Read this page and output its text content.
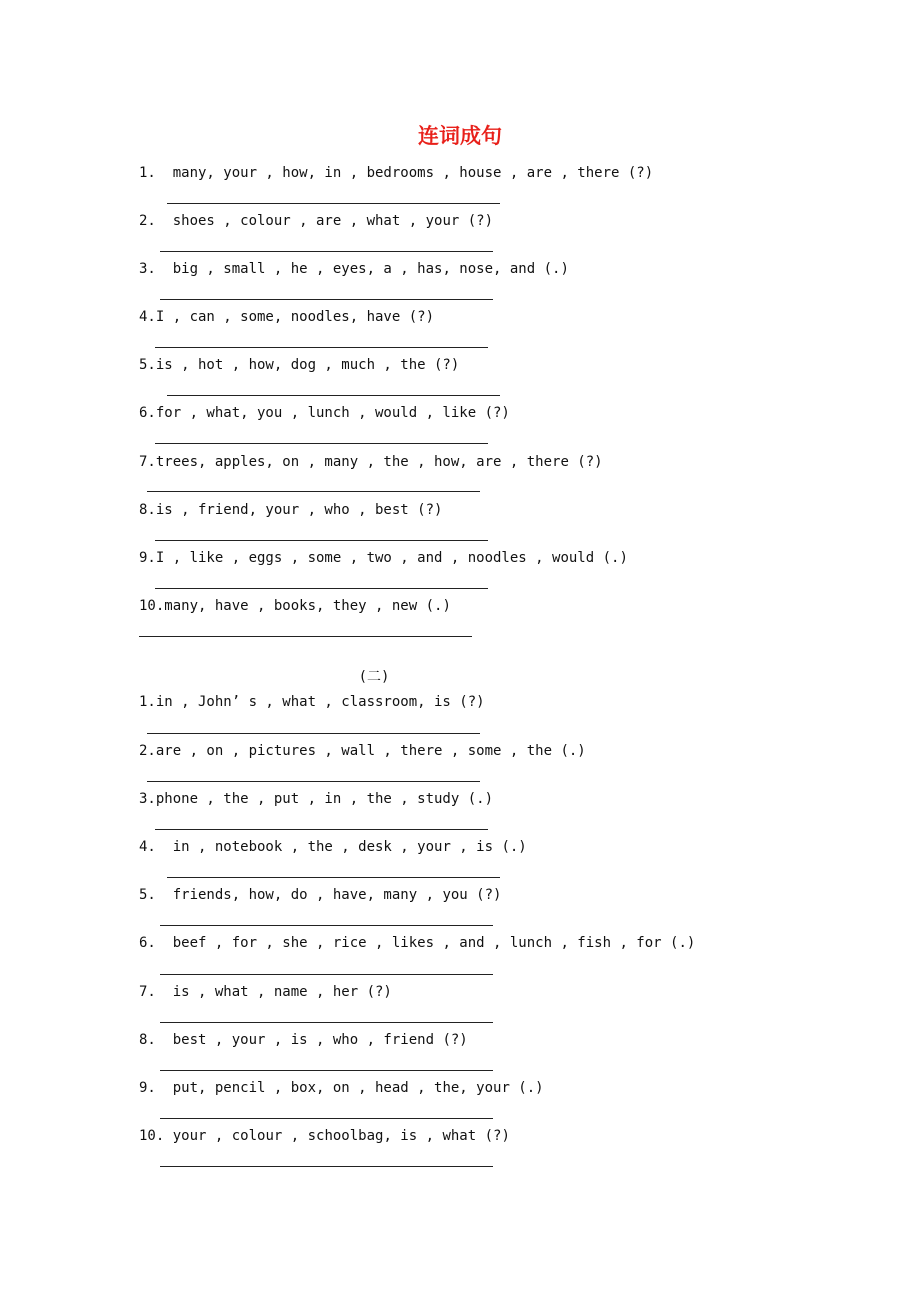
连词成句
1. many, your , how, in , bedrooms , house , are , there (?)
2. shoes , colour , are , what , your (?)
3. big , small , he , eyes, a , has, nose, and (.)
4.I , can , some, noodles, have (?)
5.is , hot , how, dog , much , the (?)
6.for , what, you , lunch , would , like (?)
7.trees, apples, on , many , the , how, are , there (?)
8.is , friend, your , who , best (?)
9.I , like , eggs , some , two , and , noodles , would (.)
10.many, have , books, they , new (.)
(二)
1.in , John’ s , what , classroom, is (?)
2.are , on , pictures , wall , there , some , the (.)
3.phone , the , put , in , the , study (.)
4. in , notebook , the , desk , your , is (.)
5. friends, how, do , have, many , you (?)
6. beef , for , she , rice , likes , and , lunch , fish , for (.)
7. is , what , name , her (?)
8. best , your , is , who , friend (?)
9. put, pencil , box, on , head , the, your (.)
10. your , colour , schoolbag, is , what (?)
